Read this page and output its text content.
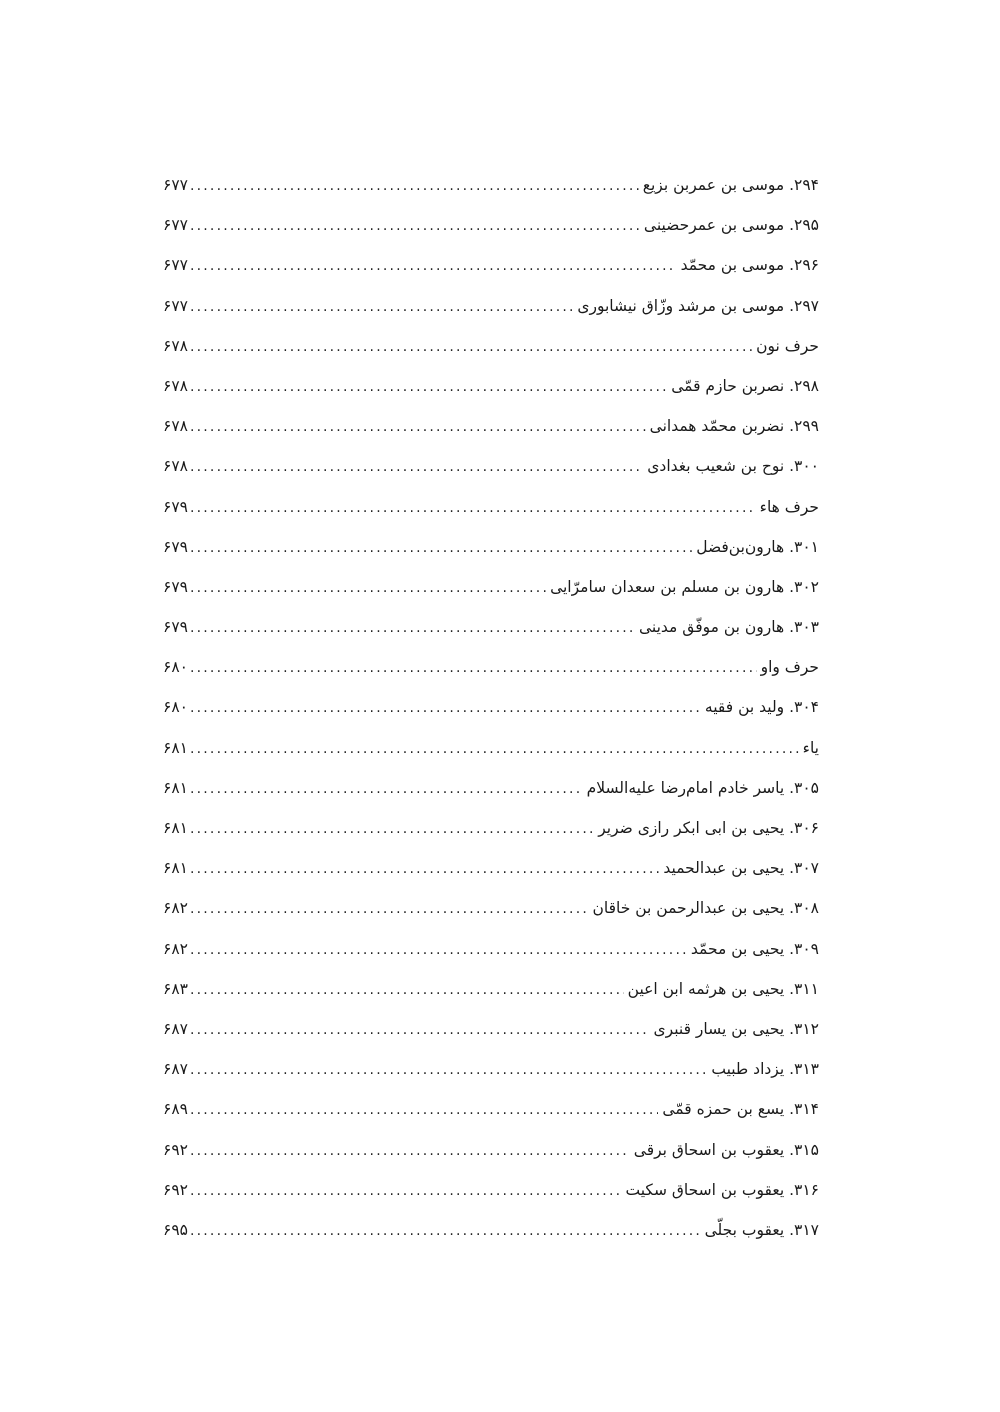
۲۹۴. موسی بن عمربن بزیع
.....
۶۷۷
۲۹۵. موسی بن عمرحضینی
.....
۶۷۷
۲۹۶. موسی بن محمّد
.....
۶۷۷
۲۹۷. موسی بن مرشد وزّاق نیشابوری
.....
۶۷۷
حرف نون
.....
۶۷۸
۲۹۸. نصربن حازم قمّی
.....
۶۷۸
۲۹۹. نضربن محمّد همدانی
.....
۶۷۸
۳۰۰. نوح بن شعیب بغدادی
.....
۶۷۸
حرف هاء
.....
۶۷۹
۳۰۱. هارون‌بن‌فضل
.....
۶۷۹
۳۰۲. هارون بن مسلم بن سعدان سامرّایی
.....
۶۷۹
۳۰۳. هارون بن موفّق مدینی
.....
۶۷۹
حرف واو
.....
۶۸۰
۳۰۴. ولید بن فقیه
.....
۶۸۰
یاء
.....
۶۸۱
۳۰۵. یاسر خادم امام‌رضا علیه‌السلام
.....
۶۸۱
۳۰۶. یحیی بن ابی ابکر رازی ضریر
.....
۶۸۱
۳۰۷. یحیی بن عبدالحمید
.....
۶۸۱
۳۰۸. یحیی بن عبدالرحمن بن خاقان
.....
۶۸۲
۳۰۹. یحیی بن محمّد
.....
۶۸۲
۳۱۱. یحیی بن هرثمه ابن اعین
.....
۶۸۳
۳۱۲. یحیی بن یسار قنبری
.....
۶۸۷
۳۱۳. یزداد طبیب
.....
۶۸۷
۳۱۴. یسع بن حمزه قمّی
.....
۶۸۹
۳۱۵. یعقوب بن اسحاق برقی
.....
۶۹۲
۳۱۶. یعقوب بن اسحاق سکیت
.....
۶۹۲
۳۱۷. یعقوب بجلّی
.....
۶۹۵
